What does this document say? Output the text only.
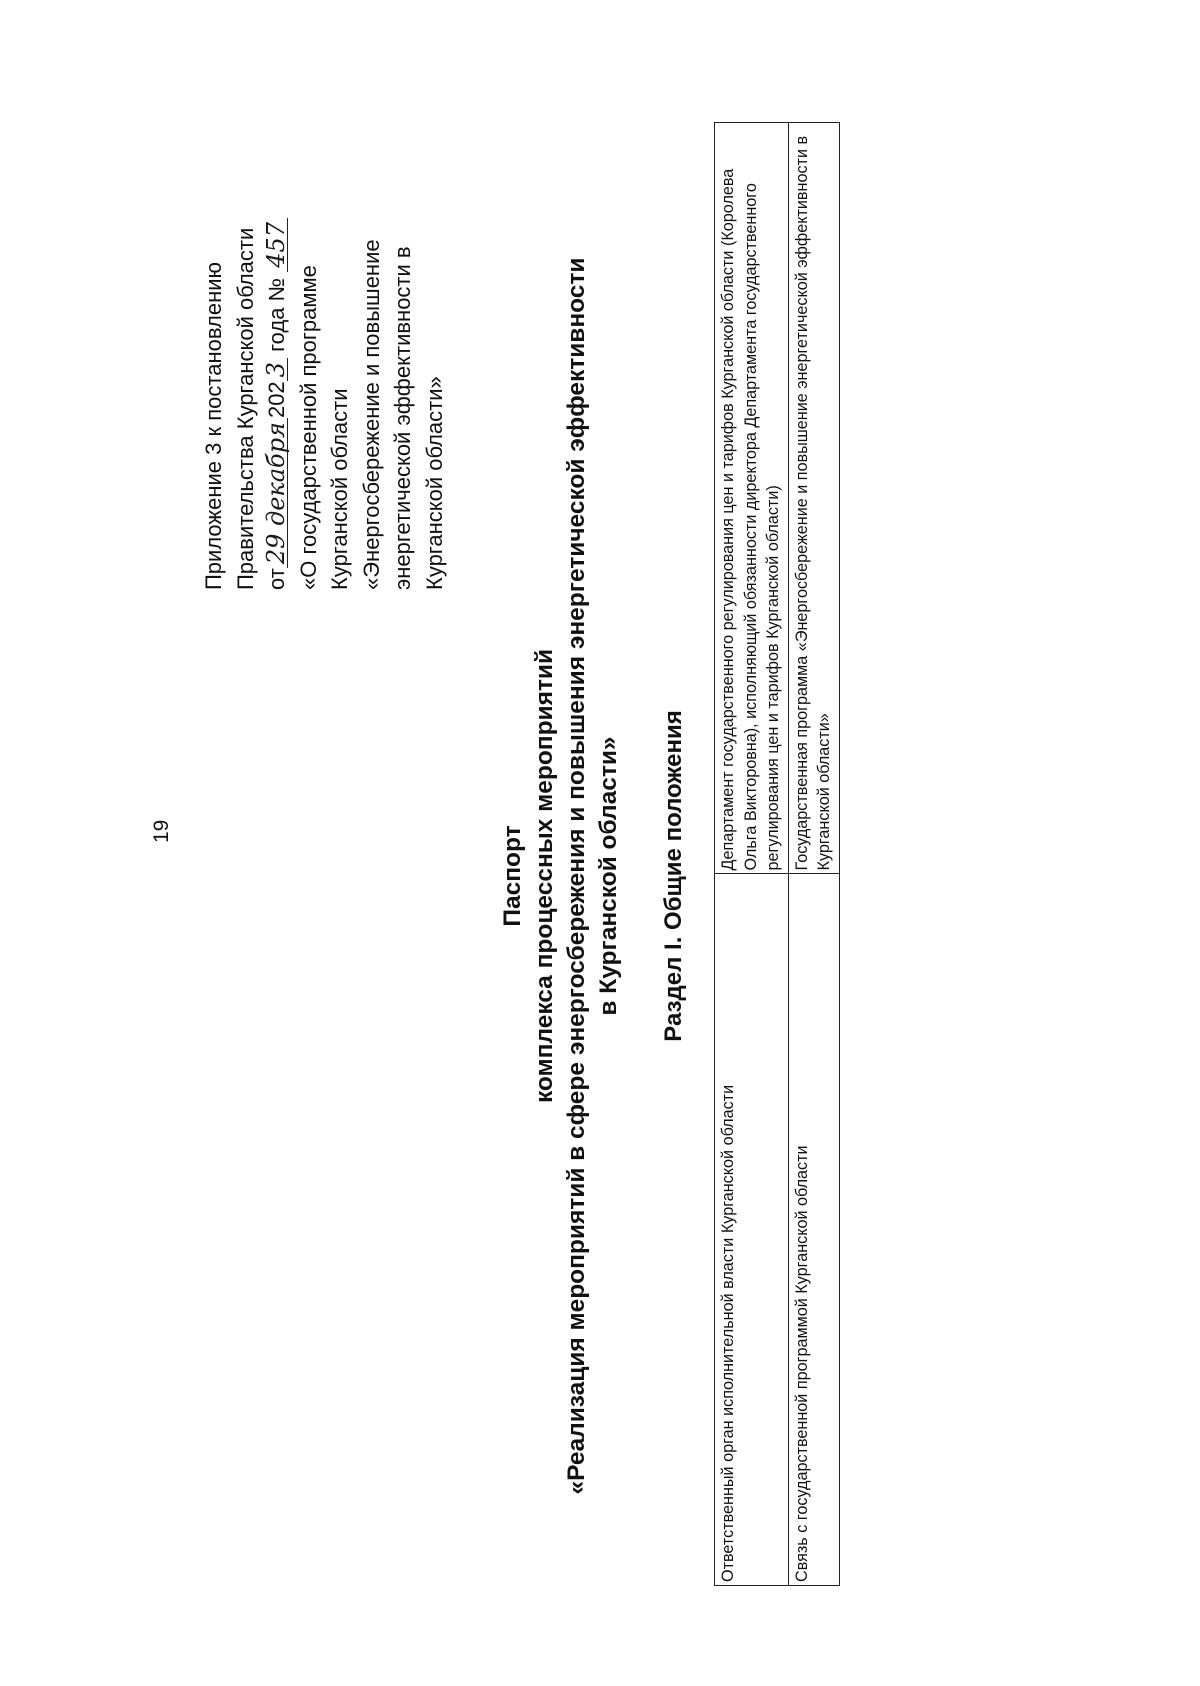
19
Приложение 3 к постановлению Правительства Курганской области от29 декабря2023 года № 457
«О государственной программе Курганской области «Энергосбережение и повышение энергетической эффективности в Курганской области»
Паспорт комплекса процессных мероприятий «Реализация мероприятий в сфере энергосбережения и повышения энергетической эффективности в Курганской области» Раздел I. Общие положения
Ответственный орган исполнительной власти Курганской области	Департамент государственного регулирования цен и тарифов Курганской области (Королева Ольга Викторовна), исполняющий обязанности директора Департамента государственного регулирования цен и тарифов Курганской области)
Связь с государственной программой Курганской области	Государственная программа «Энергосбережение и повышение энергетической эффективности в Курганской области»
